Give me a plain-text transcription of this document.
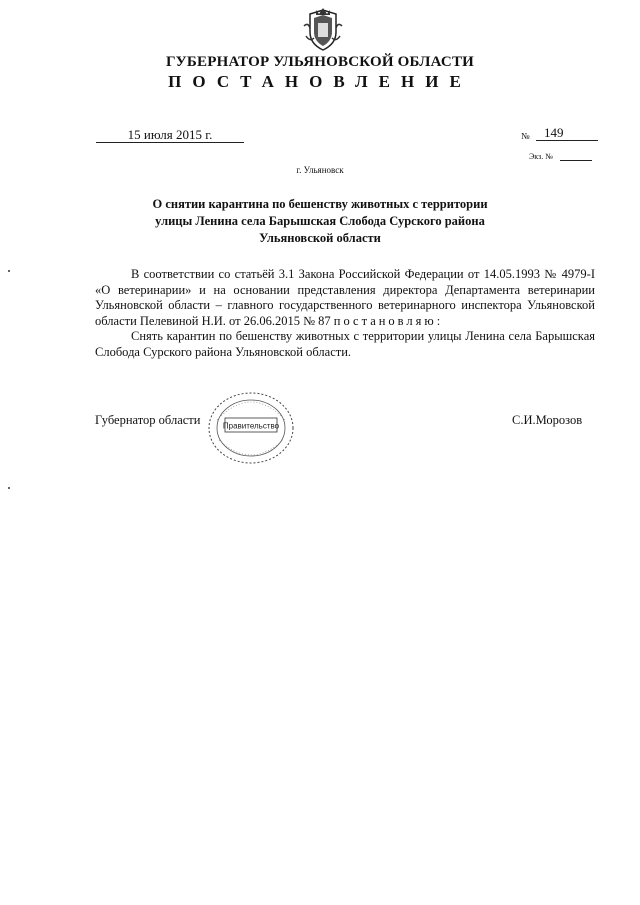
ГУБЕРНАТОР УЛЬЯНОВСКОЙ ОБЛАСТИ
ПОСТАНОВЛЕНИЕ
15 июля 2015 г.	№	149
Экз. №
г. Ульяновск
О снятии карантина по бешенству животных с территории
улицы Ленина села Барышская Слобода Сурского района
Ульяновской области

В соответствии со статьёй 3.1 Закона Российской Федерации от 14.05.1993 № 4979-I «О ветеринарии» и на основании представления директора Департамента ветеринарии Ульяновской области – главного государственного ветеринарного инспектора Ульяновской области Пелевиной Н.И. от 26.06.2015 № 87 постановляю:

Снять карантин по бешенству животных с территории улицы Ленина села Барышская Слобода Сурского района Ульяновской области.

Губернатор области	С.И.Морозов
Правительство
